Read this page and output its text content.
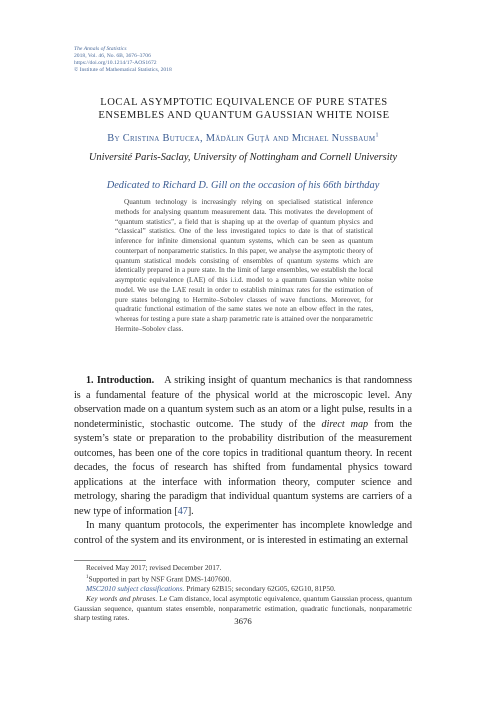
The Annals of Statistics
2018, Vol. 46, No. 6B, 3676–3706
https://doi.org/10.1214/17-AOS1672
© Institute of Mathematical Statistics, 2018
LOCAL ASYMPTOTIC EQUIVALENCE OF PURE STATES
ENSEMBLES AND QUANTUM GAUSSIAN WHITE NOISE
By Cristina Butucea, Mădălin Guţă and Michael Nussbaum$^1$
Université Paris-Saclay, University of Nottingham and Cornell University
Dedicated to Richard D. Gill on the occasion of his 66th birthday

Quantum technology is increasingly relying on specialised statistical inference methods for analysing quantum measurement data. This motivates the development of “quantum statistics”, a field that is shaping up at the overlap of quantum physics and “classical” statistics. One of the less investigated topics to date is that of statistical inference for infinite dimensional quantum systems, which can be seen as quantum counterpart of nonparametric statistics. In this paper, we analyse the asymptotic theory of quantum statistical models consisting of ensembles of quantum systems which are identically prepared in a pure state. In the limit of large ensembles, we establish the local asymptotic equivalence (LAE) of this i.i.d. model to a quantum Gaussian white noise model. We use the LAE result in order to establish minimax rates for the estimation of pure states belonging to Hermite–Sobolev classes of wave functions. Moreover, for quadratic functional estimation of the same states we note an elbow effect in the rates, whereas for testing a pure state a sharp parametric rate is attained over the nonparametric Hermite–Sobolev class.

1. Introduction.  A striking insight of quantum mechanics is that randomness is a fundamental feature of the physical world at the microscopic level. Any observation made on a quantum system such as an atom or a light pulse, results in a nondeterministic, stochastic outcome. The study of the direct map from the system’s state or preparation to the probability distribution of the measurement outcomes, has been one of the core topics in traditional quantum theory. In recent decades, the focus of research has shifted from fundamental physics toward applications at the interface with information theory, computer science and metrology, sharing the paradigm that individual quantum systems are carriers of a new type of information [47].

In many quantum protocols, the experimenter has incomplete knowledge and control of the system and its environment, or is interested in estimating an external

Received May 2017; revised December 2017.

$^1$Supported in part by NSF Grant DMS-1407600.

MSC2010 subject classifications. Primary 62B15; secondary 62G05, 62G10, 81P50.

Key words and phrases. Le Cam distance, local asymptotic equivalence, quantum Gaussian process, quantum Gaussian sequence, quantum states ensemble, nonparametric estimation, quadratic functionals, nonparametric sharp testing rates.	3676
